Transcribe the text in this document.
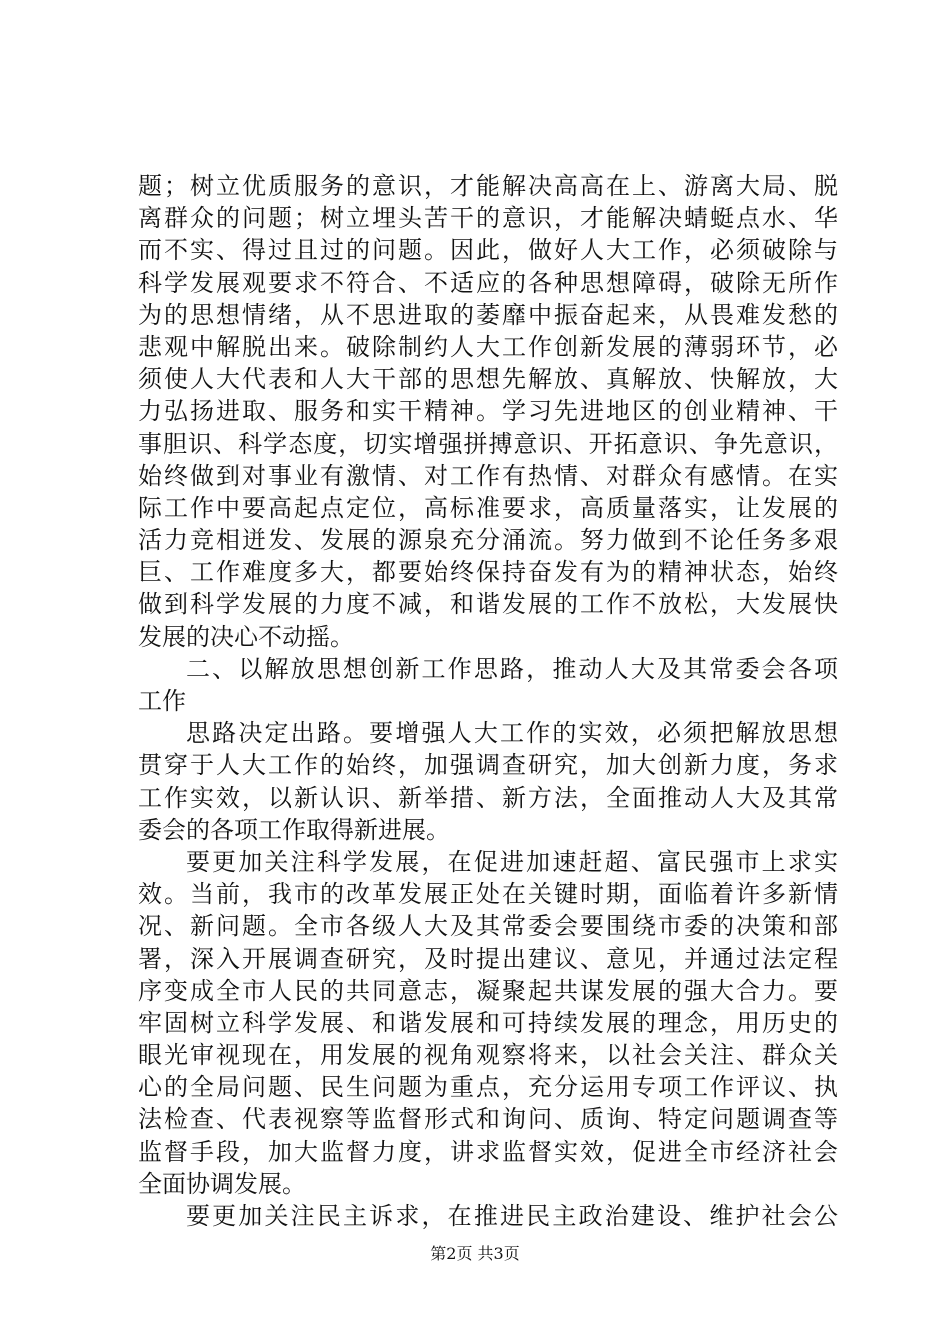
题；树立优质服务的意识，才能解决高高在上、游离大局、脱
离群众的问题；树立埋头苦干的意识，才能解决蜻蜓点水、华
而不实、得过且过的问题。因此，做好人大工作，必须破除与
科学发展观要求不符合、不适应的各种思想障碍，破除无所作
为的思想情绪，从不思进取的萎靡中振奋起来，从畏难发愁的
悲观中解脱出来。破除制约人大工作创新发展的薄弱环节，必
须使人大代表和人大干部的思想先解放、真解放、快解放，大
力弘扬进取、服务和实干精神。学习先进地区的创业精神、干
事胆识、科学态度，切实增强拼搏意识、开拓意识、争先意识，
始终做到对事业有激情、对工作有热情、对群众有感情。在实
际工作中要高起点定位，高标准要求，高质量落实，让发展的
活力竞相迸发、发展的源泉充分涌流。努力做到不论任务多艰
巨、工作难度多大，都要始终保持奋发有为的精神状态，始终
做到科学发展的力度不减，和谐发展的工作不放松，大发展快
发展的决心不动摇。
二、以解放思想创新工作思路，推动人大及其常委会各项
工作
思路决定出路。要增强人大工作的实效，必须把解放思想
贯穿于人大工作的始终，加强调查研究，加大创新力度，务求
工作实效，以新认识、新举措、新方法，全面推动人大及其常
委会的各项工作取得新进展。
要更加关注科学发展，在促进加速赶超、富民强市上求实
效。当前，我市的改革发展正处在关键时期，面临着许多新情
况、新问题。全市各级人大及其常委会要围绕市委的决策和部
署，深入开展调查研究，及时提出建议、意见，并通过法定程
序变成全市人民的共同意志，凝聚起共谋发展的强大合力。要
牢固树立科学发展、和谐发展和可持续发展的理念，用历史的
眼光审视现在，用发展的视角观察将来，以社会关注、群众关
心的全局问题、民生问题为重点，充分运用专项工作评议、执
法检查、代表视察等监督形式和询问、质询、特定问题调查等
监督手段，加大监督力度，讲求监督实效，促进全市经济社会
全面协调发展。
要更加关注民主诉求，在推进民主政治建设、维护社会公
第2页 共3页
